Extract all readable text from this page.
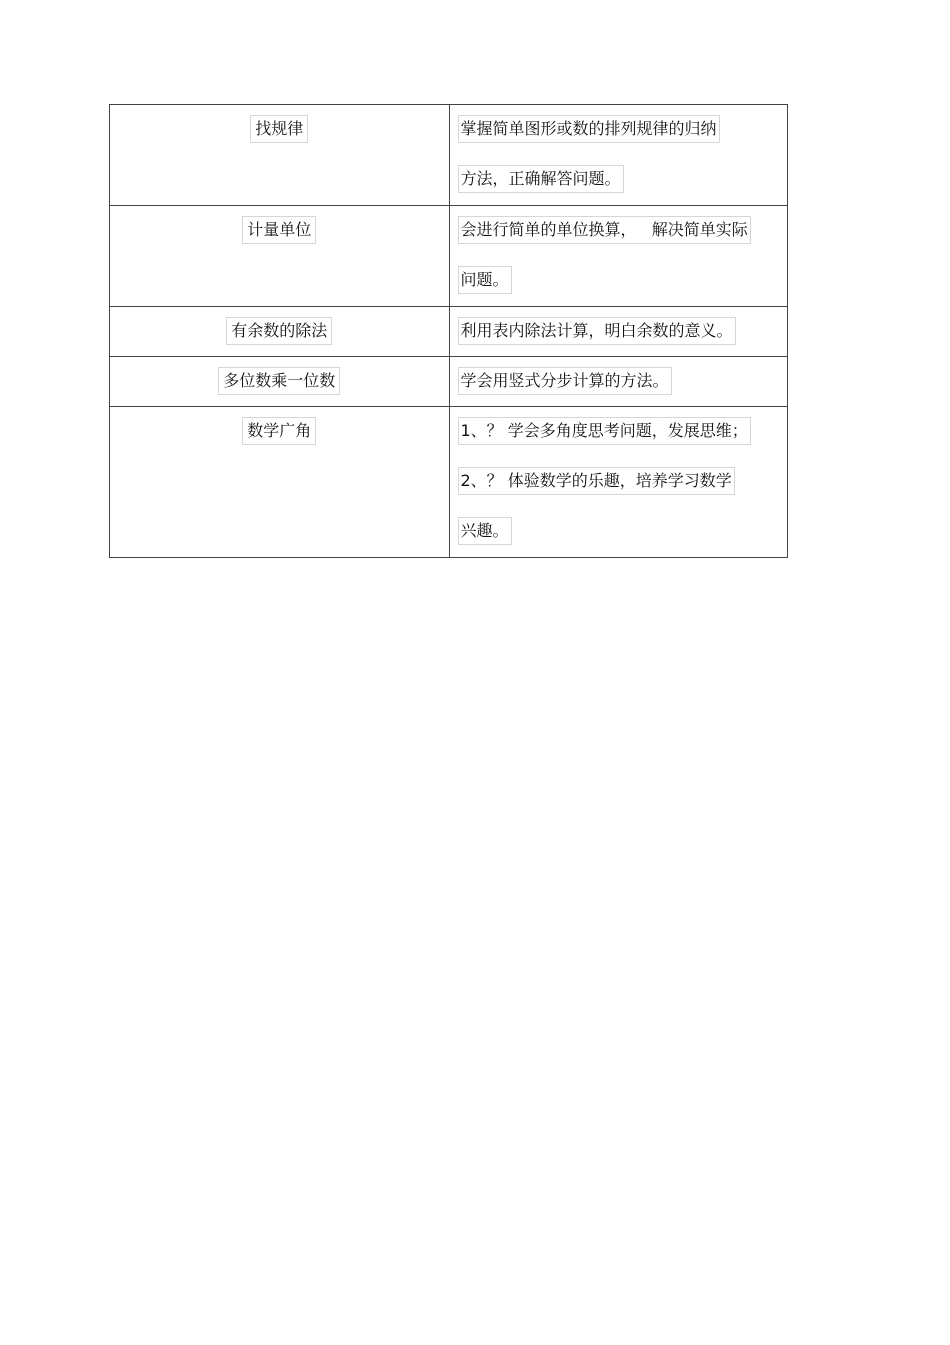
找规律	掌握简单图形或数的排列规律的归纳
方法，正确解答问题。

计量单位	会进行简单的单位换算，   解决简单实际
问题。

有余数的除法	利用表内除法计算，明白余数的意义。

多位数乘一位数	学会用竖式分步计算的方法。

数学广角	1、？ 学会多角度思考问题，发展思维；
2、？ 体验数学的乐趣，培养学习数学
兴趣。
